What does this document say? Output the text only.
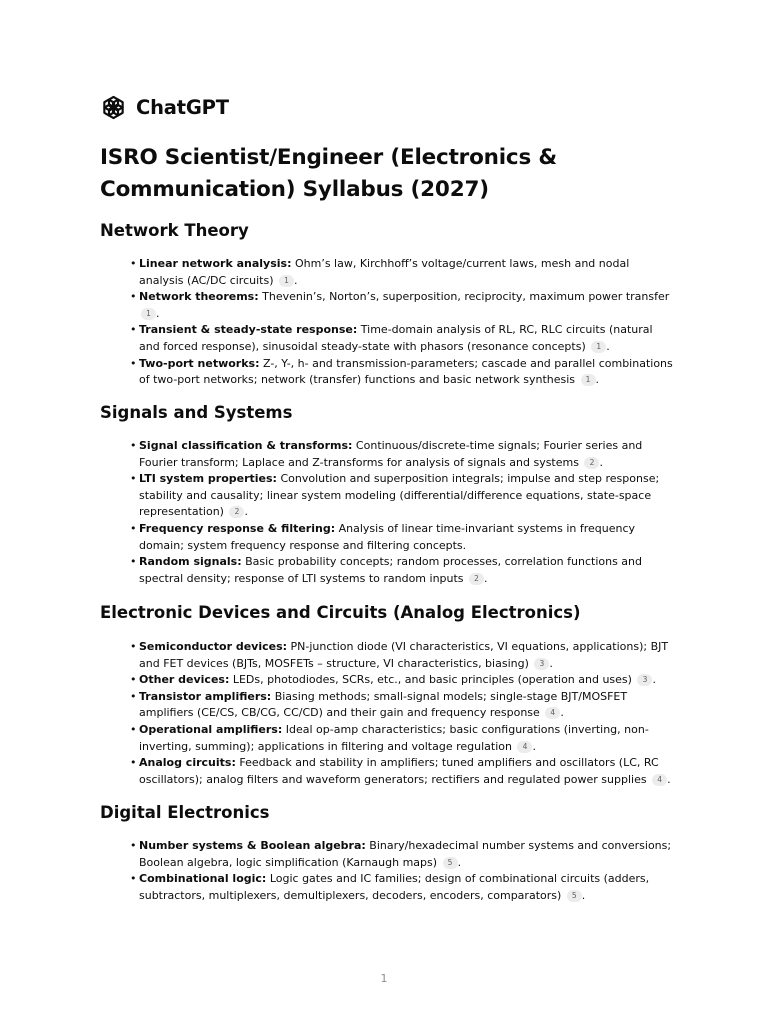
ChatGPT
ISRO Scientist/Engineer (Electronics & Communication) Syllabus (2027)
Network Theory
• Linear network analysis: Ohm’s law, Kirchhoff’s voltage/current laws, mesh and nodal analysis (AC/DC circuits) 1 .
• Network theorems: Thevenin’s, Norton’s, superposition, reciprocity, maximum power transfer 1 .
• Transient & steady-state response: Time-domain analysis of RL, RC, RLC circuits (natural and forced response), sinusoidal steady-state with phasors (resonance concepts) 1 .
• Two-port networks: Z-, Y-, h- and transmission-parameters; cascade and parallel combinations of two-port networks; network (transfer) functions and basic network synthesis 1 .
Signals and Systems
• Signal classification & transforms: Continuous/discrete-time signals; Fourier series and Fourier transform; Laplace and Z-transforms for analysis of signals and systems 2 .
• LTI system properties: Convolution and superposition integrals; impulse and step response; stability and causality; linear system modeling (differential/difference equations, state-space representation) 2 .
• Frequency response & filtering: Analysis of linear time-invariant systems in frequency domain; system frequency response and filtering concepts.
• Random signals: Basic probability concepts; random processes, correlation functions and spectral density; response of LTI systems to random inputs 2 .
Electronic Devices and Circuits (Analog Electronics)
• Semiconductor devices: PN-junction diode (VI characteristics, VI equations, applications); BJT and FET devices (BJTs, MOSFETs – structure, VI characteristics, biasing) 3 .
• Other devices: LEDs, photodiodes, SCRs, etc., and basic principles (operation and uses) 3 .
• Transistor amplifiers: Biasing methods; small-signal models; single-stage BJT/MOSFET amplifiers (CE/CS, CB/CG, CC/CD) and their gain and frequency response 4 .
• Operational amplifiers: Ideal op-amp characteristics; basic configurations (inverting, non-inverting, summing); applications in filtering and voltage regulation 4 .
• Analog circuits: Feedback and stability in amplifiers; tuned amplifiers and oscillators (LC, RC oscillators); analog filters and waveform generators; rectifiers and regulated power supplies 4 .
Digital Electronics
• Number systems & Boolean algebra: Binary/hexadecimal number systems and conversions; Boolean algebra, logic simplification (Karnaugh maps) 5 .
• Combinational logic: Logic gates and IC families; design of combinational circuits (adders, subtractors, multiplexers, demultiplexers, decoders, encoders, comparators) 5 .
1
